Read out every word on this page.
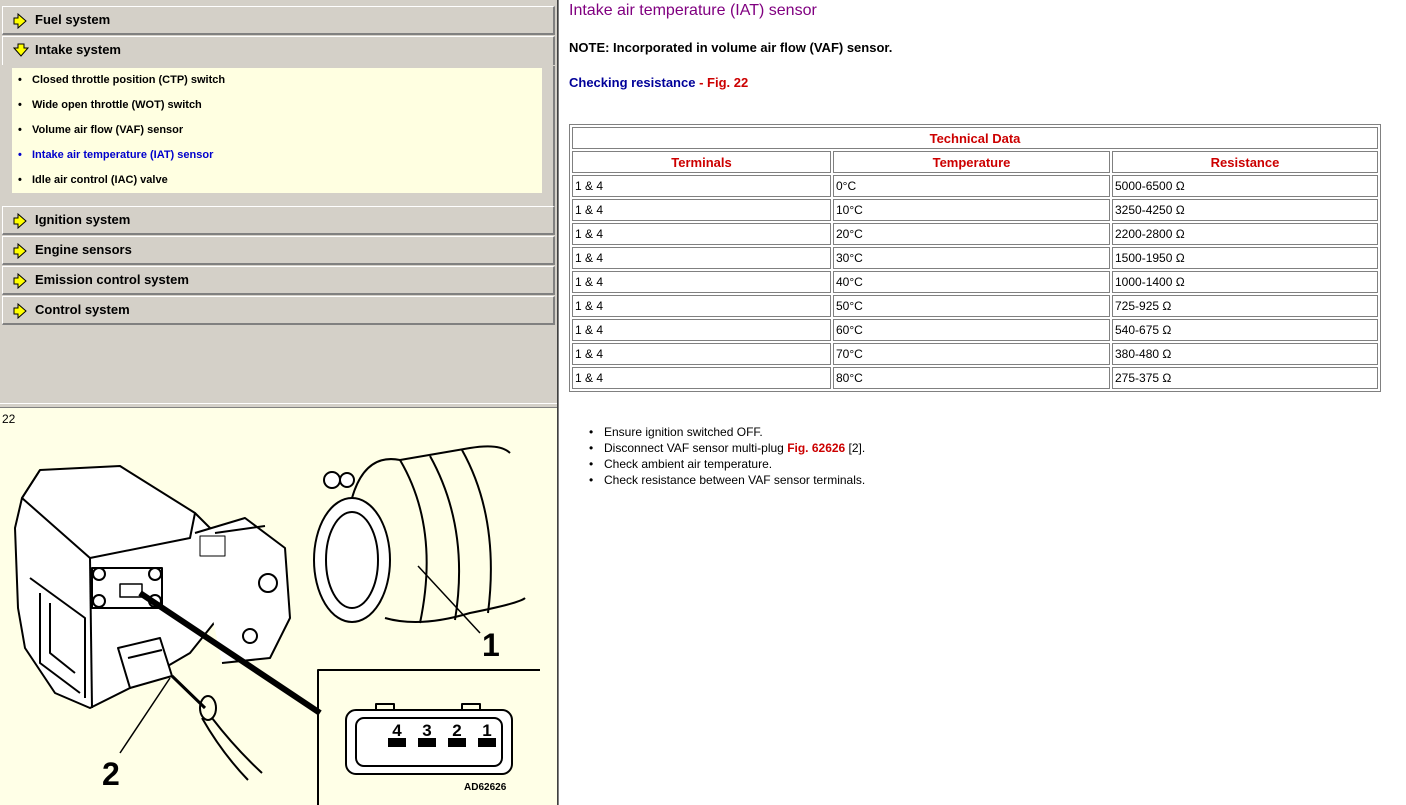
Fuel system
Intake system
• Closed throttle position (CTP) switch
• Wide open throttle (WOT) switch
• Volume air flow (VAF) sensor
• Intake air temperature (IAT) sensor
• Idle air control (IAC) valve
Ignition system
Engine sensors
Emission control system
Control system
4 3 2 1
1
2
22
AD62626
Intake air temperature (IAT) sensor
NOTE: Incorporated in volume air flow (VAF) sensor.
Checking resistance - Fig. 22
Technical Data		
Terminals	Temperature	Resistance
1 & 4	0°C	5000-6500 Ω
1 & 4	10°C	3250-4250 Ω
1 & 4	20°C	2200-2800 Ω
1 & 4	30°C	1500-1950 Ω
1 & 4	40°C	1000-1400 Ω
1 & 4	50°C	725-925 Ω
1 & 4	60°C	540-675 Ω
1 & 4	70°C	380-480 Ω
1 & 4	80°C	275-375 Ω
• Ensure ignition switched OFF.
• Disconnect VAF sensor multi-plug Fig. 62626 [2].
• Check ambient air temperature.
• Check resistance between VAF sensor terminals.
